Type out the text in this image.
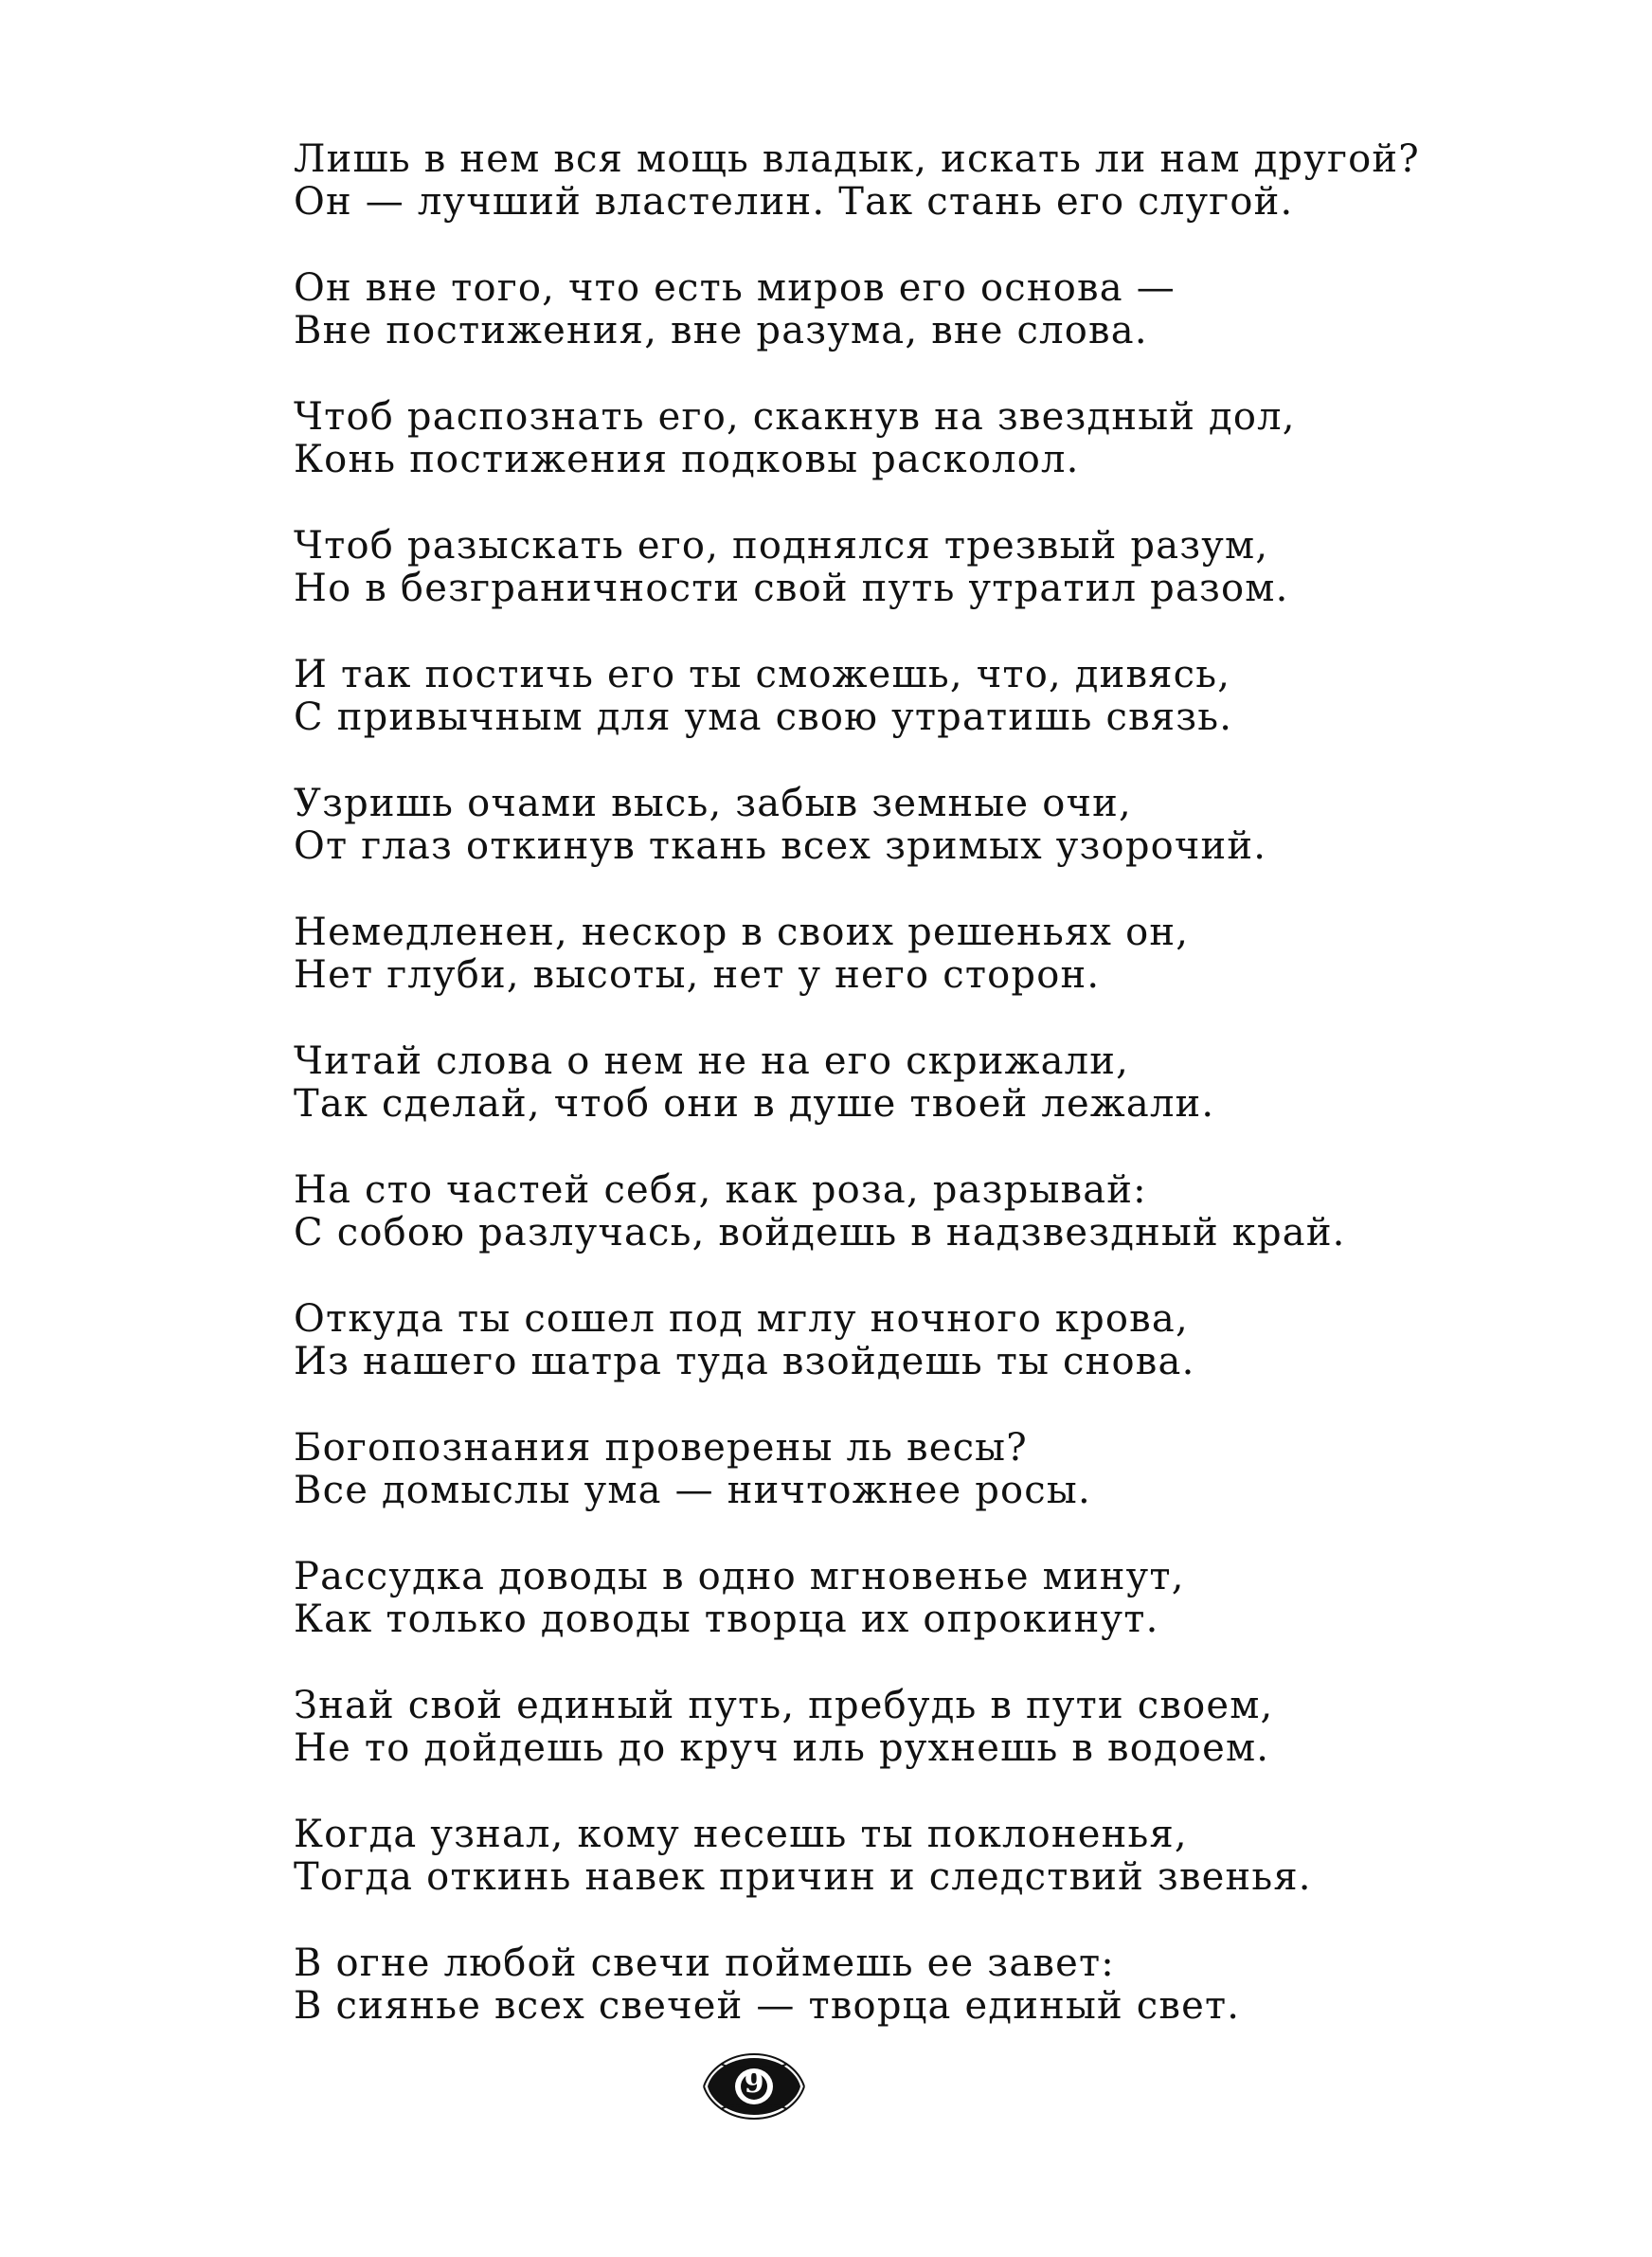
Лишь в нем вся мощь владык, искать ли нам другой?
Он — лучший властелин. Так стань его слугой.
Он вне того, что есть миров его основа —
Вне постижения, вне разума, вне слова.
Чтоб распознать его, скакнув на звездный дол,
Конь постижения подковы расколол.
Чтоб разыскать его, поднялся трезвый разум,
Но в безграничности свой путь утратил разом.
И так постичь его ты сможешь, что, дивясь,
С привычным для ума свою утратишь связь.
Узришь очами высь, забыв земные очи,
От глаз откинув ткань всех зримых узорочий.
Немедленен, нескор в своих решеньях он,
Нет глуби, высоты, нет у него сторон.
Читай слова о нем не на его скрижали,
Так сделай, чтоб они в душе твоей лежали.
На сто частей себя, как роза, разрывай:
С собою разлучась, войдешь в надзвездный край.
Откуда ты сошел под мглу ночного крова,
Из нашего шатра туда взойдешь ты снова.
Богопознания проверены ль весы?
Все домыслы ума — ничтожнее росы.
Рассудка доводы в одно мгновенье минут,
Как только доводы творца их опрокинут.
Знай свой единый путь, пребудь в пути своем,
Не то дойдешь до круч иль рухнешь в водоем.
Когда узнал, кому несешь ты поклоненья,
Тогда откинь навек причин и следствий звенья.
В огне любой свечи поймешь ее завет:
В сиянье всех свечей — творца единый свет.
9
